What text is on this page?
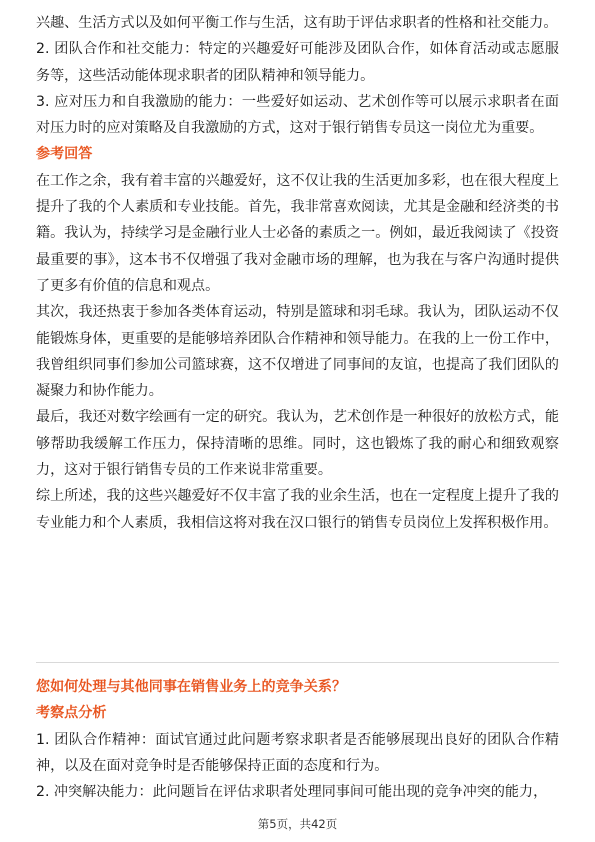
兴趣、生活方式以及如何平衡工作与生活，这有助于评估求职者的性格和社交能力。

2. 团队合作和社交能力：特定的兴趣爱好可能涉及团队合作，如体育活动或志愿服务等，这些活动能体现求职者的团队精神和领导能力。

3. 应对压力和自我激励的能力：一些爱好如运动、艺术创作等可以展示求职者在面对压力时的应对策略及自我激励的方式，这对于银行销售专员这一岗位尤为重要。

参考回答

在工作之余，我有着丰富的兴趣爱好，这不仅让我的生活更加多彩，也在很大程度上提升了我的个人素质和专业技能。首先，我非常喜欢阅读，尤其是金融和经济类的书籍。我认为，持续学习是金融行业人士必备的素质之一。例如，最近我阅读了《投资最重要的事》，这本书不仅增强了我对金融市场的理解，也为我在与客户沟通时提供了更多有价值的信息和观点。

其次，我还热衷于参加各类体育运动，特别是篮球和羽毛球。我认为，团队运动不仅能锻炼身体，更重要的是能够培养团队合作精神和领导能力。在我的上一份工作中，我曾组织同事们参加公司篮球赛，这不仅增进了同事间的友谊，也提高了我们团队的凝聚力和协作能力。

最后，我还对数字绘画有一定的研究。我认为，艺术创作是一种很好的放松方式，能够帮助我缓解工作压力，保持清晰的思维。同时，这也锻炼了我的耐心和细致观察力，这对于银行销售专员的工作来说非常重要。

综上所述，我的这些兴趣爱好不仅丰富了我的业余生活，也在一定程度上提升了我的专业能力和个人素质，我相信这将对我在汉口银行的销售专员岗位上发挥积极作用。

您如何处理与其他同事在销售业务上的竞争关系？
考察点分析

1. 团队合作精神：面试官通过此问题考察求职者是否能够展现出良好的团队合作精神，以及在面对竞争时是否能够保持正面的态度和行为。

2. 冲突解决能力：此问题旨在评估求职者处理同事间可能出现的竞争冲突的能力，

第5页，共42页
